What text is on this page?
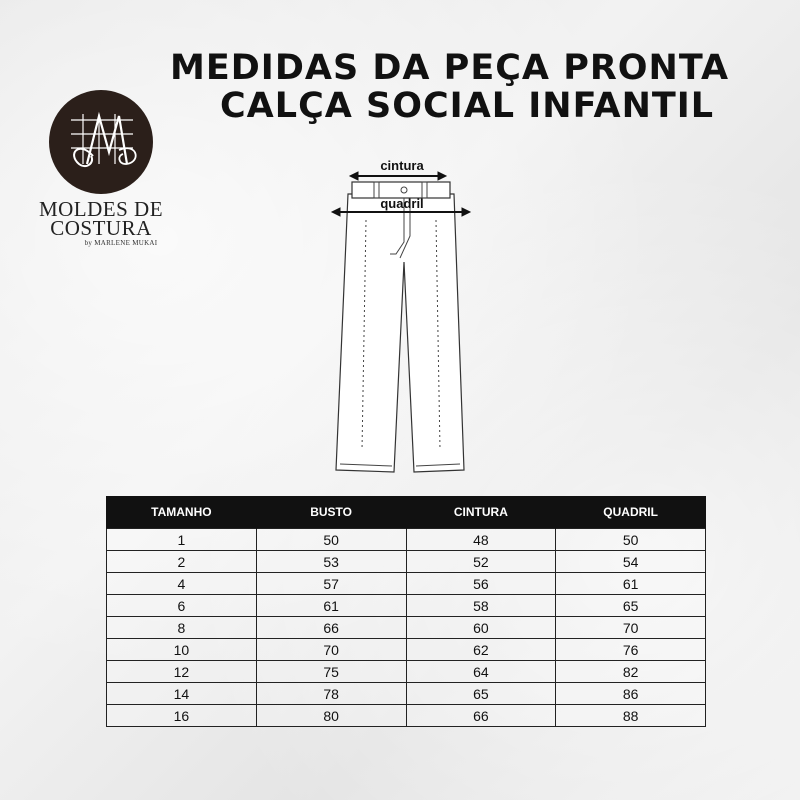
MEDIDAS DA PEÇA PRONTA
CALÇA SOCIAL INFANTIL
MOLDES DE
COSTURA
by MARLENE MUKAI
cintura
quadril
TAMANHO	BUSTO	CINTURA	QUADRIL
1	50	48	50
2	53	52	54
4	57	56	61
6	61	58	65
8	66	60	70
10	70	62	76
12	75	64	82
14	78	65	86
16	80	66	88
